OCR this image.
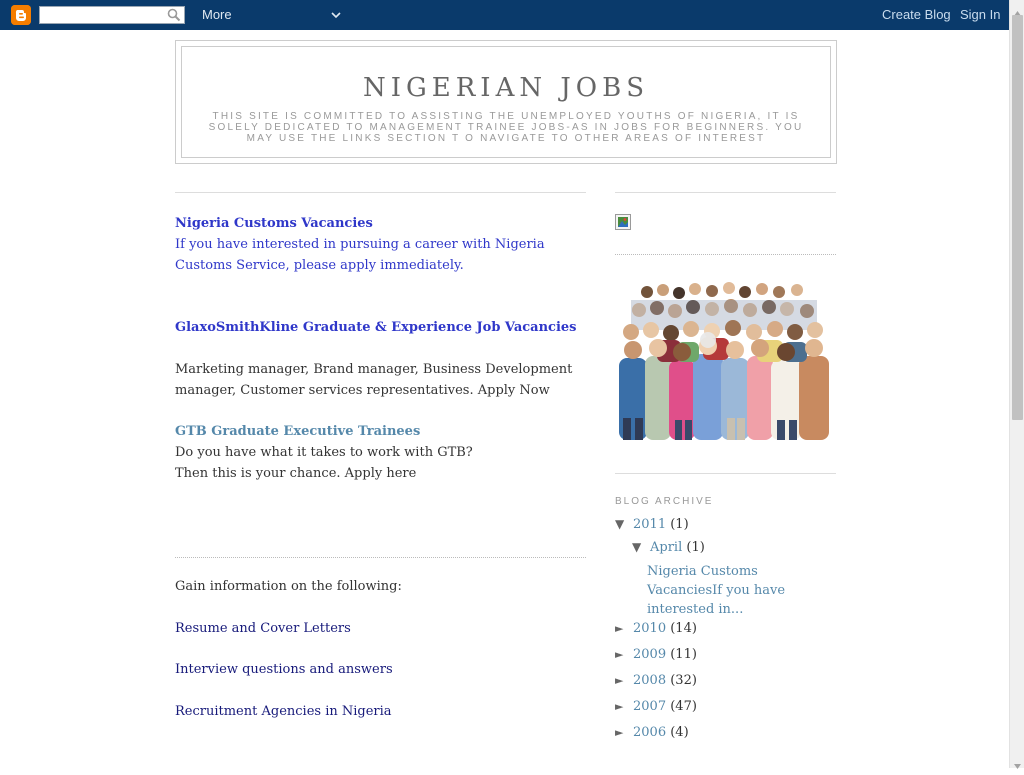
More	Create Blog Sign In
NIGERIAN JOBS
THIS SITE IS COMMITTED TO ASSISTING THE UNEMPLOYED YOUTHS OF NIGERIA, IT IS SOLELY DEDICATED TO MANAGEMENT TRAINEE JOBS-AS IN JOBS FOR BEGINNERS. YOU MAY USE THE LINKS SECTION T O NAVIGATE TO OTHER AREAS OF INTEREST
Nigeria Customs Vacancies
If you have interested in pursuing a career with Nigeria Customs Service, please apply immediately.
GlaxoSmithKline Graduate & Experience Job Vacancies
Marketing manager, Brand manager, Business Development manager, Customer services representatives. Apply Now
GTB Graduate Executive Trainees
Do you have what it takes to work with GTB?
Then this is your chance. Apply here
Gain information on the following:
Resume and Cover Letters
Interview questions and answers
Recruitment Agencies in Nigeria
BLOG ARCHIVE
▼ 2011 (1)
▼ April (1)
Nigeria Customs VacanciesIf you have interested in...
► 2010 (14)
► 2009 (11)
► 2008 (32)
► 2007 (47)
► 2006 (4)
